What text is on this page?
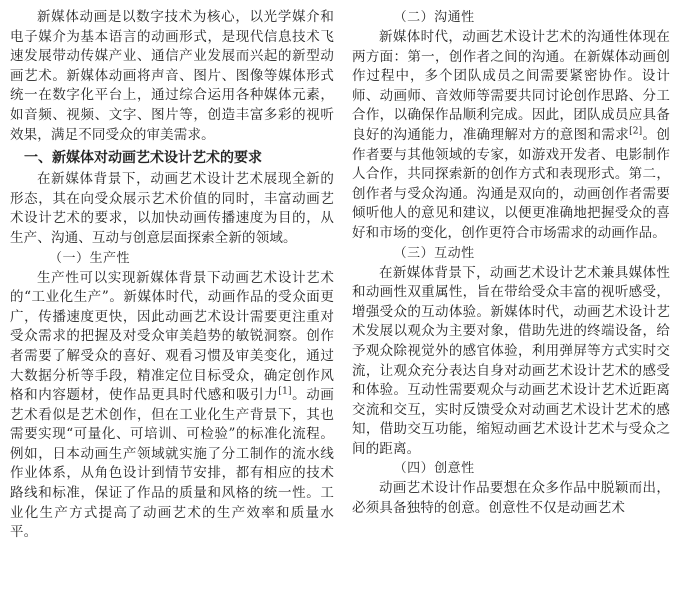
新媒体动画是以数字技术为核心，以光学媒介和电子媒介为基本语言的动画形式，是现代信息技术飞速发展带动传媒产业、通信产业发展而兴起的新型动画艺术。新媒体动画将声音、图片、图像等媒体形式统一在数字化平台上，通过综合运用各种媒体元素，如音频、视频、文字、图片等，创造丰富多彩的视听效果，满足不同受众的审美需求。

一、新媒体对动画艺术设计艺术的要求

在新媒体背景下，动画艺术设计艺术展现全新的形态，其在向受众展示艺术价值的同时，丰富动画艺术设计艺术的要求，以加快动画传播速度为目的，从生产、沟通、互动与创意层面探索全新的领域。

（一）生产性

生产性可以实现新媒体背景下动画艺术设计艺术的“工业化生产”。新媒体时代，动画作品的受众面更广，传播速度更快，因此动画艺术设计需要更注重对受众需求的把握及对受众审美趋势的敏锐洞察。创作者需要了解受众的喜好、观看习惯及审美变化，通过大数据分析等手段，精准定位目标受众，确定创作风格和内容题材，使作品更具时代感和吸引力[1]。动画艺术看似是艺术创作，但在工业化生产背景下，其也需要实现“可量化、可培训、可检验”的标准化流程。例如，日本动画生产领域就实施了分工制作的流水线作业体系，从角色设计到情节安排，都有相应的技术路线和标准，保证了作品的质量和风格的统一性。工业化生产方式提高了动画艺术的生产效率和质量水平。

（二）沟通性

新媒体时代，动画艺术设计艺术的沟通性体现在两方面：第一，创作者之间的沟通。在新媒体动画创作过程中，多个团队成员之间需要紧密协作。设计师、动画师、音效师等需要共同讨论创作思路、分工合作，以确保作品顺利完成。因此，团队成员应具备良好的沟通能力，准确理解对方的意图和需求[2]。创作者要与其他领域的专家，如游戏开发者、电影制作人合作，共同探索新的创作方式和表现形式。第二，创作者与受众沟通。沟通是双向的，动画创作者需要倾听他人的意见和建议，以便更准确地把握受众的喜好和市场的变化，创作更符合市场需求的动画作品。

（三）互动性

在新媒体背景下，动画艺术设计艺术兼具媒体性和动画性双重属性，旨在带给受众丰富的视听感受，增强受众的互动体验。新媒体时代，动画艺术设计艺术发展以观众为主要对象，借助先进的终端设备，给予观众除视觉外的感官体验，利用弹屏等方式实时交流，让观众充分表达自身对动画艺术设计艺术的感受和体验。互动性需要观众与动画艺术设计艺术近距离交流和交互，实时反馈受众对动画艺术设计艺术的感知，借助交互功能，缩短动画艺术设计艺术与受众之间的距离。

（四）创意性

动画艺术设计作品要想在众多作品中脱颖而出，必须具备独特的创意。创意性不仅是动画艺术
